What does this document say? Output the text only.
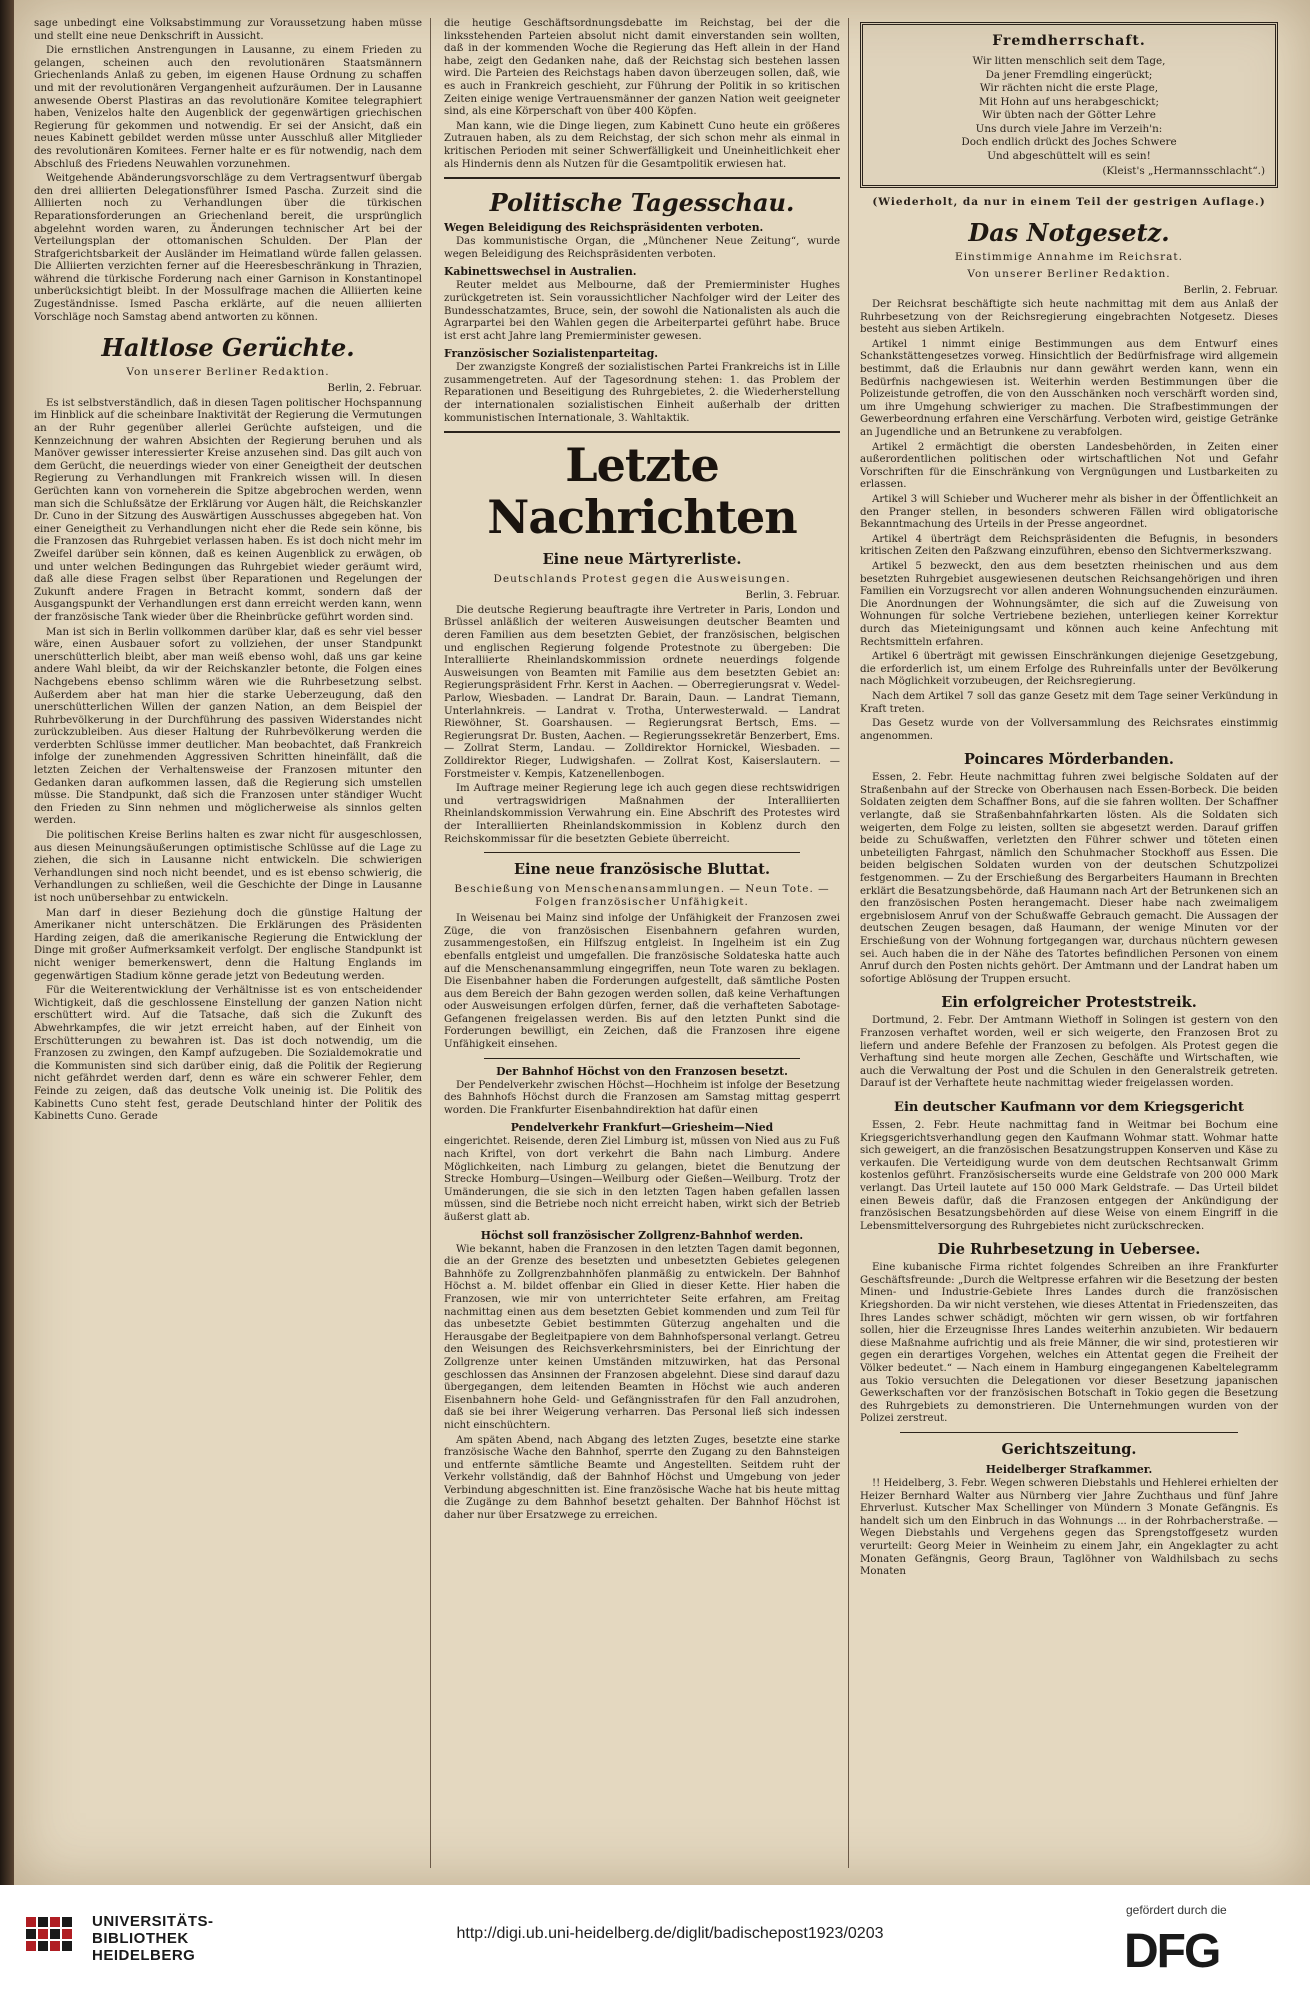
sage unbedingt eine Volksabstimmung zur Voraussetzung haben müsse und stellt eine neue Denkschrift in Aussicht.

Die ernstlichen Anstrengungen in Lausanne, zu einem Frieden zu gelangen, scheinen auch den revolutionären Staatsmännern Griechenlands Anlaß zu geben, im eigenen Hause Ordnung zu schaffen und mit der revolutionären Vergangenheit aufzuräumen. Der in Lausanne anwesende Oberst Plastiras an das revolutionäre Komitee telegraphiert haben, Venizelos halte den Augenblick der gegenwärtigen griechischen Regierung für gekommen und notwendig. Er sei der Ansicht, daß ein neues Kabinett gebildet werden müsse unter Ausschluß aller Mitglieder des revolutionären Komitees. Ferner halte er es für notwendig, nach dem Abschluß des Friedens Neuwahlen vorzunehmen.

Weitgehende Abänderungsvorschläge zu dem Vertragsentwurf übergab den drei alliierten Delegationsführer Ismed Pascha. Zurzeit sind die Alliierten noch zu Verhandlungen über die türkischen Reparationsforderungen an Griechenland bereit, die ursprünglich abgelehnt worden waren, zu Änderungen technischer Art bei der Verteilungsplan der ottomanischen Schulden. Der Plan der Strafgerichtsbarkeit der Ausländer im Heimatland würde fallen gelassen. Die Alliierten verzichten ferner auf die Heeresbeschränkung in Thrazien, während die türkische Forderung nach einer Garnison in Konstantinopel unberücksichtigt bleibt. In der Mossulfrage machen die Alliierten keine Zugeständnisse. Ismed Pascha erklärte, auf die neuen alliierten Vorschläge noch Samstag abend antworten zu können.

Haltlose Gerüchte.
Von unserer Berliner Redaktion.
Berlin, 2. Februar.

Es ist selbstverständlich, daß in diesen Tagen politischer Hochspannung im Hinblick auf die scheinbare Inaktivität der Regierung die Vermutungen an der Ruhr gegenüber allerlei Gerüchte aufsteigen, und die Kennzeichnung der wahren Absichten der Regierung beruhen und als Manöver gewisser interessierter Kreise anzusehen sind. Das gilt auch von dem Gerücht, die neuerdings wieder von einer Geneigtheit der deutschen Regierung zu Verhandlungen mit Frankreich wissen will. In diesen Gerüchten kann von vorneherein die Spitze abgebrochen werden, wenn man sich die Schlußsätze der Erklärung vor Augen hält, die Reichskanzler Dr. Cuno in der Sitzung des Auswärtigen Ausschusses abgegeben hat. Von einer Geneigtheit zu Verhandlungen nicht eher die Rede sein könne, bis die Franzosen das Ruhrgebiet verlassen haben. Es ist doch nicht mehr im Zweifel darüber sein können, daß es keinen Augenblick zu erwägen, ob und unter welchen Bedingungen das Ruhrgebiet wieder geräumt wird, daß alle diese Fragen selbst über Reparationen und Regelungen der Zukunft andere Fragen in Betracht kommt, sondern daß der Ausgangspunkt der Verhandlungen erst dann erreicht werden kann, wenn der französische Tank wieder über die Rheinbrücke geführt worden sind.

Man ist sich in Berlin vollkommen darüber klar, daß es sehr viel besser wäre, einen Ausbauer sofort zu vollziehen, der unser Standpunkt unerschütterlich bleibt, aber man weiß ebenso wohl, daß uns gar keine andere Wahl bleibt, da wir der Reichskanzler betonte, die Folgen eines Nachgebens ebenso schlimm wären wie die Ruhrbesetzung selbst. Außerdem aber hat man hier die starke Ueberzeugung, daß den unerschütterlichen Willen der ganzen Nation, an dem Beispiel der Ruhrbevölkerung in der Durchführung des passiven Widerstandes nicht zurückzubleiben. Aus dieser Haltung der Ruhrbevölkerung werden die verderbten Schlüsse immer deutlicher. Man beobachtet, daß Frankreich infolge der zunehmenden Aggressiven Schritten hineinfällt, daß die letzten Zeichen der Verhaltensweise der Franzosen mitunter den Gedanken daran aufkommen lassen, daß die Regierung sich umstellen müsse. Die Standpunkt, daß sich die Franzosen unter ständiger Wucht den Frieden zu Sinn nehmen und möglicherweise als sinnlos gelten werden.

Die politischen Kreise Berlins halten es zwar nicht für ausgeschlossen, aus diesen Meinungsäußerungen optimistische Schlüsse auf die Lage zu ziehen, die sich in Lausanne nicht entwickeln. Die schwierigen Verhandlungen sind noch nicht beendet, und es ist ebenso schwierig, die Verhandlungen zu schließen, weil die Geschichte der Dinge in Lausanne ist noch unübersehbar zu entwickeln.

Man darf in dieser Beziehung doch die günstige Haltung der Amerikaner nicht unterschätzen. Die Erklärungen des Präsidenten Harding zeigen, daß die amerikanische Regierung die Entwicklung der Dinge mit großer Aufmerksamkeit verfolgt. Der englische Standpunkt ist nicht weniger bemerkenswert, denn die Haltung Englands im gegenwärtigen Stadium könne gerade jetzt von Bedeutung werden.

Für die Weiterentwicklung der Verhältnisse ist es von entscheidender Wichtigkeit, daß die geschlossene Einstellung der ganzen Nation nicht erschüttert wird. Auf die Tatsache, daß sich die Zukunft des Abwehrkampfes, die wir jetzt erreicht haben, auf der Einheit von Erschütterungen zu bewahren ist. Das ist doch notwendig, um die Franzosen zu zwingen, den Kampf aufzugeben. Die Sozialdemokratie und die Kommunisten sind sich darüber einig, daß die Politik der Regierung nicht gefährdet werden darf, denn es wäre ein schwerer Fehler, dem Feinde zu zeigen, daß das deutsche Volk uneinig ist. Die Politik des Kabinetts Cuno steht fest, gerade Deutschland hinter der Politik des Kabinetts Cuno. Gerade

die heutige Geschäftsordnungsdebatte im Reichstag, bei der die linksstehenden Parteien absolut nicht damit einverstanden sein wollten, daß in der kommenden Woche die Regierung das Heft allein in der Hand habe, zeigt den Gedanken nahe, daß der Reichstag sich bestehen lassen wird. Die Parteien des Reichstags haben davon überzeugen sollen, daß, wie es auch in Frankreich geschieht, zur Führung der Politik in so kritischen Zeiten einige wenige Vertrauensmänner der ganzen Nation weit geeigneter sind, als eine Körperschaft von über 400 Köpfen.

Man kann, wie die Dinge liegen, zum Kabinett Cuno heute ein größeres Zutrauen haben, als zu dem Reichstag, der sich schon mehr als einmal in kritischen Perioden mit seiner Schwerfälligkeit und Uneinheitlichkeit eher als Hindernis denn als Nutzen für die Gesamtpolitik erwiesen hat.

Politische Tagesschau.
Wegen Beleidigung des Reichspräsidenten verboten.

Das kommunistische Organ, die „Münchener Neue Zeitung“, wurde wegen Beleidigung des Reichspräsidenten verboten.

Kabinettswechsel in Australien.

Reuter meldet aus Melbourne, daß der Premierminister Hughes zurückgetreten ist. Sein voraussichtlicher Nachfolger wird der Leiter des Bundesschatzamtes, Bruce, sein, der sowohl die Nationalisten als auch die Agrarpartei bei den Wahlen gegen die Arbeiterpartei geführt habe. Bruce ist erst acht Jahre lang Premierminister gewesen.

Französischer Sozialistenparteitag.

Der zwanzigste Kongreß der sozialistischen Partei Frankreichs ist in Lille zusammengetreten. Auf der Tagesordnung stehen: 1. das Problem der Reparationen und Beseitigung des Ruhrgebietes, 2. die Wiederherstellung der internationalen sozialistischen Einheit außerhalb der dritten kommunistischen Internationale, 3. Wahltaktik.

Letzte Nachrichten
Eine neue Märtyrerliste.
Deutschlands Protest gegen die Ausweisungen.
Berlin, 3. Februar.

Die deutsche Regierung beauftragte ihre Vertreter in Paris, London und Brüssel anläßlich der weiteren Ausweisungen deutscher Beamten und deren Familien aus dem besetzten Gebiet, der französischen, belgischen und englischen Regierung folgende Protestnote zu übergeben: Die Interalliierte Rheinlandskommission ordnete neuerdings folgende Ausweisungen von Beamten mit Familie aus dem besetzten Gebiet an: Regierungspräsident Frhr. Kerst in Aachen. — Oberregierungsrat v. Wedel-Parlow, Wiesbaden. — Landrat Dr. Barain, Daun. — Landrat Tiemann, Unterlahnkreis. — Landrat v. Trotha, Unterwesterwald. — Landrat Riewöhner, St. Goarshausen. — Regierungsrat Bertsch, Ems. — Regierungsrat Dr. Busten, Aachen. — Regierungssekretär Benzerbert, Ems. — Zollrat Sterm, Landau. — Zolldirektor Hornickel, Wiesbaden. — Zolldirektor Rieger, Ludwigshafen. — Zollrat Kost, Kaiserslautern. — Forstmeister v. Kempis, Katzenellenbogen.

Im Auftrage meiner Regierung lege ich auch gegen diese rechtswidrigen und vertragswidrigen Maßnahmen der Interalliierten Rheinlandskommission Verwahrung ein. Eine Abschrift des Protestes wird der Interalliierten Rheinlandskommission in Koblenz durch den Reichskommissar für die besetzten Gebiete überreicht.

Eine neue französische Bluttat.
Beschießung von Menschenansammlungen. — Neun Tote. — Folgen französischer Unfähigkeit.

In Weisenau bei Mainz sind infolge der Unfähigkeit der Franzosen zwei Züge, die von französischen Eisenbahnern gefahren wurden, zusammengestoßen, ein Hilfszug entgleist. In Ingelheim ist ein Zug ebenfalls entgleist und umgefallen. Die französische Soldateska hatte auch auf die Menschenansammlung eingegriffen, neun Tote waren zu beklagen. Die Eisenbahner haben die Forderungen aufgestellt, daß sämtliche Posten aus dem Bereich der Bahn gezogen werden sollen, daß keine Verhaftungen oder Ausweisungen erfolgen dürfen, ferner, daß die verhafteten Sabotage-Gefangenen freigelassen werden. Bis auf den letzten Punkt sind die Forderungen bewilligt, ein Zeichen, daß die Franzosen ihre eigene Unfähigkeit einsehen.

Der Bahnhof Höchst von den Franzosen besetzt.

Der Pendelverkehr zwischen Höchst—Hochheim ist infolge der Besetzung des Bahnhofs Höchst durch die Franzosen am Samstag mittag gesperrt worden. Die Frankfurter Eisenbahndirektion hat dafür einen

Pendelverkehr Frankfurt—Griesheim—Nied

eingerichtet. Reisende, deren Ziel Limburg ist, müssen von Nied aus zu Fuß nach Kriftel, von dort verkehrt die Bahn nach Limburg. Andere Möglichkeiten, nach Limburg zu gelangen, bietet die Benutzung der Strecke Homburg—Usingen—Weilburg oder Gießen—Weilburg. Trotz der Umänderungen, die sie sich in den letzten Tagen haben gefallen lassen müssen, sind die Betriebe noch nicht erreicht haben, wirkt sich der Betrieb äußerst glatt ab.

Höchst soll französischer Zollgrenz-Bahnhof werden.

Wie bekannt, haben die Franzosen in den letzten Tagen damit begonnen, die an der Grenze des besetzten und unbesetzten Gebietes gelegenen Bahnhöfe zu Zollgrenzbahnhöfen planmäßig zu entwickeln. Der Bahnhof Höchst a. M. bildet offenbar ein Glied in dieser Kette. Hier haben die Franzosen, wie mir von unterrichteter Seite erfahren, am Freitag nachmittag einen aus dem besetzten Gebiet kommenden und zum Teil für das unbesetzte Gebiet bestimmten Güterzug angehalten und die Herausgabe der Begleitpapiere von dem Bahnhofspersonal verlangt. Getreu den Weisungen des Reichsverkehrsministers, bei der Einrichtung der Zollgrenze unter keinen Umständen mitzuwirken, hat das Personal geschlossen das Ansinnen der Franzosen abgelehnt. Diese sind darauf dazu übergegangen, dem leitenden Beamten in Höchst wie auch anderen Eisenbahnern hohe Geld- und Gefängnisstrafen für den Fall anzudrohen, daß sie bei ihrer Weigerung verharren. Das Personal ließ sich indessen nicht einschüchtern.

Am späten Abend, nach Abgang des letzten Zuges, besetzte eine starke französische Wache den Bahnhof, sperrte den Zugang zu den Bahnsteigen und entfernte sämtliche Beamte und Angestellten. Seitdem ruht der Verkehr vollständig, daß der Bahnhof Höchst und Umgebung von jeder Verbindung abgeschnitten ist. Eine französische Wache hat bis heute mittag die Zugänge zu dem Bahnhof besetzt gehalten. Der Bahnhof Höchst ist daher nur über Ersatzwege zu erreichen.

Fremdherrschaft.

Wir litten menschlich seit dem Tage,

Da jener Fremdling eingerückt;

Wir rächten nicht die erste Plage,

Mit Hohn auf uns herabgeschickt;

Wir übten nach der Götter Lehre

Uns durch viele Jahre im Verzeih'n:

Doch endlich drückt des Joches Schwere

Und abgeschüttelt will es sein!

(Kleist's „Hermannsschlacht“.)
(Wiederholt, da nur in einem Teil der gestrigen Auflage.)
Das Notgesetz.
Einstimmige Annahme im Reichsrat.
Von unserer Berliner Redaktion.
Berlin, 2. Februar.

Der Reichsrat beschäftigte sich heute nachmittag mit dem aus Anlaß der Ruhrbesetzung von der Reichsregierung eingebrachten Notgesetz. Dieses besteht aus sieben Artikeln.

Artikel 1 nimmt einige Bestimmungen aus dem Entwurf eines Schankstättengesetzes vorweg. Hinsichtlich der Bedürfnisfrage wird allgemein bestimmt, daß die Erlaubnis nur dann gewährt werden kann, wenn ein Bedürfnis nachgewiesen ist. Weiterhin werden Bestimmungen über die Polizeistunde getroffen, die von den Ausschänken noch verschärft worden sind, um ihre Umgehung schwieriger zu machen. Die Strafbestimmungen der Gewerbeordnung erfahren eine Verschärfung. Verboten wird, geistige Getränke an Jugendliche und an Betrunkene zu verabfolgen.

Artikel 2 ermächtigt die obersten Landesbehörden, in Zeiten einer außerordentlichen politischen oder wirtschaftlichen Not und Gefahr Vorschriften für die Einschränkung von Vergnügungen und Lustbarkeiten zu erlassen.

Artikel 3 will Schieber und Wucherer mehr als bisher in der Öffentlichkeit an den Pranger stellen, in besonders schweren Fällen wird obligatorische Bekanntmachung des Urteils in der Presse angeordnet.

Artikel 4 überträgt dem Reichspräsidenten die Befugnis, in besonders kritischen Zeiten den Paßzwang einzuführen, ebenso den Sichtvermerkszwang.

Artikel 5 bezweckt, den aus dem besetzten rheinischen und aus dem besetzten Ruhrgebiet ausgewiesenen deutschen Reichsangehörigen und ihren Familien ein Vorzugsrecht vor allen anderen Wohnungsuchenden einzuräumen. Die Anordnungen der Wohnungsämter, die sich auf die Zuweisung von Wohnungen für solche Vertriebene beziehen, unterliegen keiner Korrektur durch das Mieteinigungsamt und können auch keine Anfechtung mit Rechtsmitteln erfahren.

Artikel 6 überträgt mit gewissen Einschränkungen diejenige Gesetzgebung, die erforderlich ist, um einem Erfolge des Ruhreinfalls unter der Bevölkerung nach Möglichkeit vorzubeugen, der Reichsregierung.

Nach dem Artikel 7 soll das ganze Gesetz mit dem Tage seiner Verkündung in Kraft treten.

Das Gesetz wurde von der Vollversammlung des Reichsrates einstimmig angenommen.

Poincares Mörderbanden.

Essen, 2. Febr. Heute nachmittag fuhren zwei belgische Soldaten auf der Straßenbahn auf der Strecke von Oberhausen nach Essen-Borbeck. Die beiden Soldaten zeigten dem Schaffner Bons, auf die sie fahren wollten. Der Schaffner verlangte, daß sie Straßenbahnfahrkarten lösten. Als die Soldaten sich weigerten, dem Folge zu leisten, sollten sie abgesetzt werden. Darauf griffen beide zu Schußwaffen, verletzten den Führer schwer und töteten einen unbeteiligten Fahrgast, nämlich den Schuhmacher Stockhoff aus Essen. Die beiden belgischen Soldaten wurden von der deutschen Schutzpolizei festgenommen. — Zu der Erschießung des Bergarbeiters Haumann in Brechten erklärt die Besatzungsbehörde, daß Haumann nach Art der Betrunkenen sich an den französischen Posten herangemacht. Dieser habe nach zweimaligem ergebnislosem Anruf von der Schußwaffe Gebrauch gemacht. Die Aussagen der deutschen Zeugen besagen, daß Haumann, der wenige Minuten vor der Erschießung von der Wohnung fortgegangen war, durchaus nüchtern gewesen sei. Auch haben die in der Nähe des Tatortes befindlichen Personen von einem Anruf durch den Posten nichts gehört. Der Amtmann und der Landrat haben um sofortige Ablösung der Truppen ersucht.

Ein erfolgreicher Proteststreik.

Dortmund, 2. Febr. Der Amtmann Wiethoff in Solingen ist gestern von den Franzosen verhaftet worden, weil er sich weigerte, den Franzosen Brot zu liefern und andere Befehle der Franzosen zu befolgen. Als Protest gegen die Verhaftung sind heute morgen alle Zechen, Geschäfte und Wirtschaften, wie auch die Verwaltung der Post und die Schulen in den Generalstreik getreten. Darauf ist der Verhaftete heute nachmittag wieder freigelassen worden.

Ein deutscher Kaufmann vor dem Kriegsgericht

Essen, 2. Febr. Heute nachmittag fand in Weitmar bei Bochum eine Kriegsgerichtsverhandlung gegen den Kaufmann Wohmar statt. Wohmar hatte sich geweigert, an die französischen Besatzungstruppen Konserven und Käse zu verkaufen. Die Verteidigung wurde von dem deutschen Rechtsanwalt Grimm kostenlos geführt. Französischerseits wurde eine Geldstrafe von 200 000 Mark verlangt. Das Urteil lautete auf 150 000 Mark Geldstrafe. — Das Urteil bildet einen Beweis dafür, daß die Franzosen entgegen der Ankündigung der französischen Besatzungsbehörden auf diese Weise von einem Eingriff in die Lebensmittelversorgung des Ruhrgebietes nicht zurückschrecken.

Die Ruhrbesetzung in Uebersee.

Eine kubanische Firma richtet folgendes Schreiben an ihre Frankfurter Geschäftsfreunde: „Durch die Weltpresse erfahren wir die Besetzung der besten Minen- und Industrie-Gebiete Ihres Landes durch die französischen Kriegshorden. Da wir nicht verstehen, wie dieses Attentat in Friedenszeiten, das Ihres Landes schwer schädigt, möchten wir gern wissen, ob wir fortfahren sollen, hier die Erzeugnisse Ihres Landes weiterhin anzubieten. Wir bedauern diese Maßnahme aufrichtig und als freie Männer, die wir sind, protestieren wir gegen ein derartiges Vorgehen, welches ein Attentat gegen die Freiheit der Völker bedeutet.“ — Nach einem in Hamburg eingegangenen Kabeltelegramm aus Tokio versuchten die Delegationen vor dieser Besetzung japanischen Gewerkschaften vor der französischen Botschaft in Tokio gegen die Besetzung des Ruhrgebiets zu demonstrieren. Die Unternehmungen wurden von der Polizei zerstreut.

Gerichtszeitung.
Heidelberger Strafkammer.

!! Heidelberg, 3. Febr. Wegen schweren Diebstahls und Hehlerei erhielten der Heizer Bernhard Walter aus Nürnberg vier Jahre Zuchthaus und fünf Jahre Ehrverlust. Kutscher Max Schellinger von Mündern 3 Monate Gefängnis. Es handelt sich um den Einbruch in das Wohnungs ... in der Rohrbacherstraße. — Wegen Diebstahls und Vergehens gegen das Sprengstoffgesetz wurden verurteilt: Georg Meier in Weinheim zu einem Jahr, ein Angeklagter zu acht Monaten Gefängnis, Georg Braun, Taglöhner von Waldhilsbach zu sechs Monaten

UNIVERSITÄTS-
BIBLIOTHEK
HEIDELBERG
http://digi.ub.uni-heidelberg.de/diglit/badischepost1923/0203
gefördert durch die
DFG
